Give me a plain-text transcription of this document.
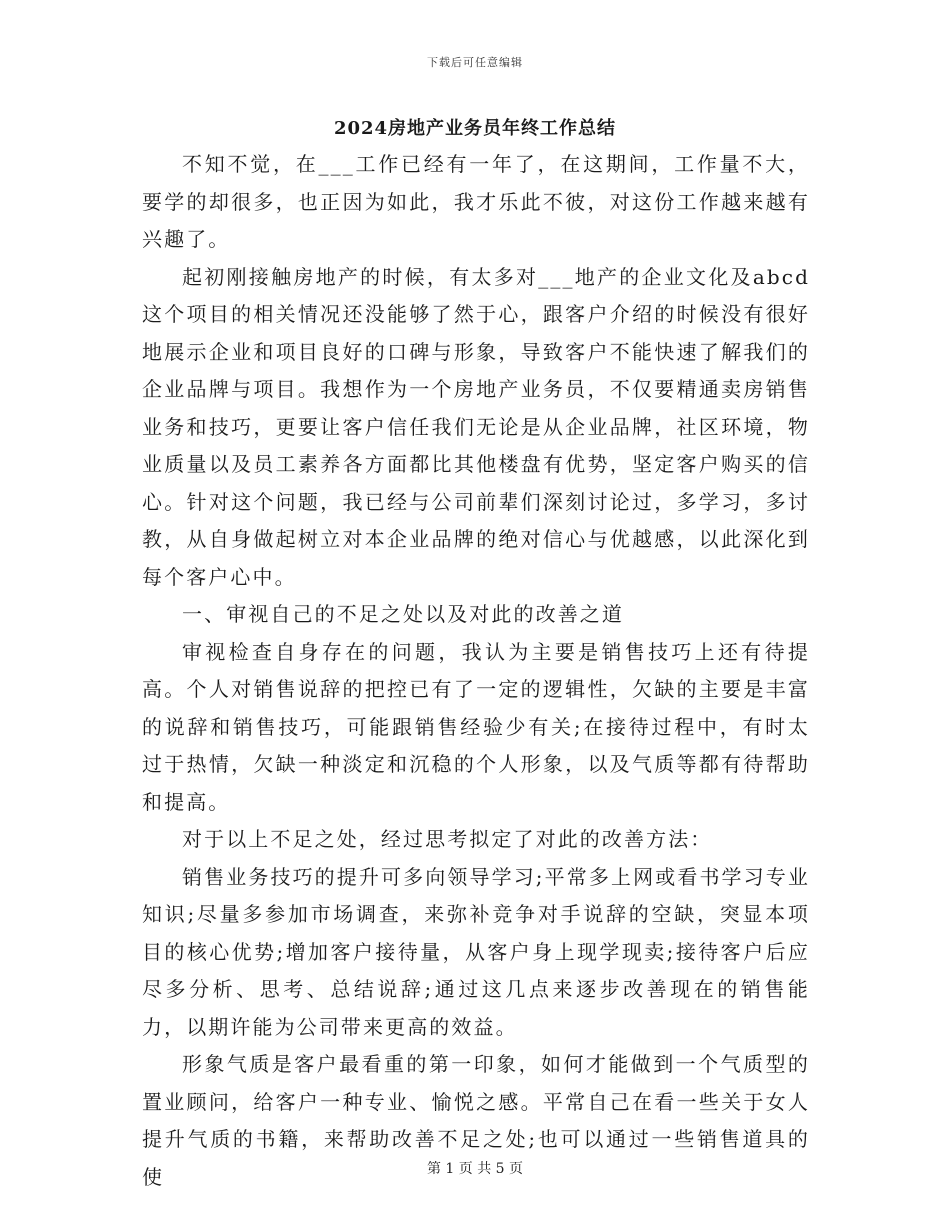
下载后可任意编辑
2024房地产业务员年终工作总结

不知不觉，在___工作已经有一年了，在这期间，工作量不大，要学的却很多，也正因为如此，我才乐此不彼，对这份工作越来越有兴趣了。

起初刚接触房地产的时候，有太多对___地产的企业文化及abcd这个项目的相关情况还没能够了然于心，跟客户介绍的时候没有很好地展示企业和项目良好的口碑与形象，导致客户不能快速了解我们的企业品牌与项目。我想作为一个房地产业务员，不仅要精通卖房销售业务和技巧，更要让客户信任我们无论是从企业品牌，社区环境，物业质量以及员工素养各方面都比其他楼盘有优势，坚定客户购买的信心。针对这个问题，我已经与公司前辈们深刻讨论过，多学习，多讨教，从自身做起树立对本企业品牌的绝对信心与优越感，以此深化到每个客户心中。

一、审视自己的不足之处以及对此的改善之道

审视检查自身存在的问题，我认为主要是销售技巧上还有待提高。个人对销售说辞的把控已有了一定的逻辑性，欠缺的主要是丰富的说辞和销售技巧，可能跟销售经验少有关;在接待过程中，有时太过于热情，欠缺一种淡定和沉稳的个人形象，以及气质等都有待帮助和提高。

对于以上不足之处，经过思考拟定了对此的改善方法：

销售业务技巧的提升可多向领导学习;平常多上网或看书学习专业知识;尽量多参加市场调查，来弥补竞争对手说辞的空缺，突显本项目的核心优势;增加客户接待量，从客户身上现学现卖;接待客户后应尽多分析、思考、总结说辞;通过这几点来逐步改善现在的销售能力，以期许能为公司带来更高的效益。

形象气质是客户最看重的第一印象，如何才能做到一个气质型的置业顾问，给客户一种专业、愉悦之感。平常自己在看一些关于女人提升气质的书籍，来帮助改善不足之处;也可以通过一些销售道具的使	第 1 页 共 5 页
